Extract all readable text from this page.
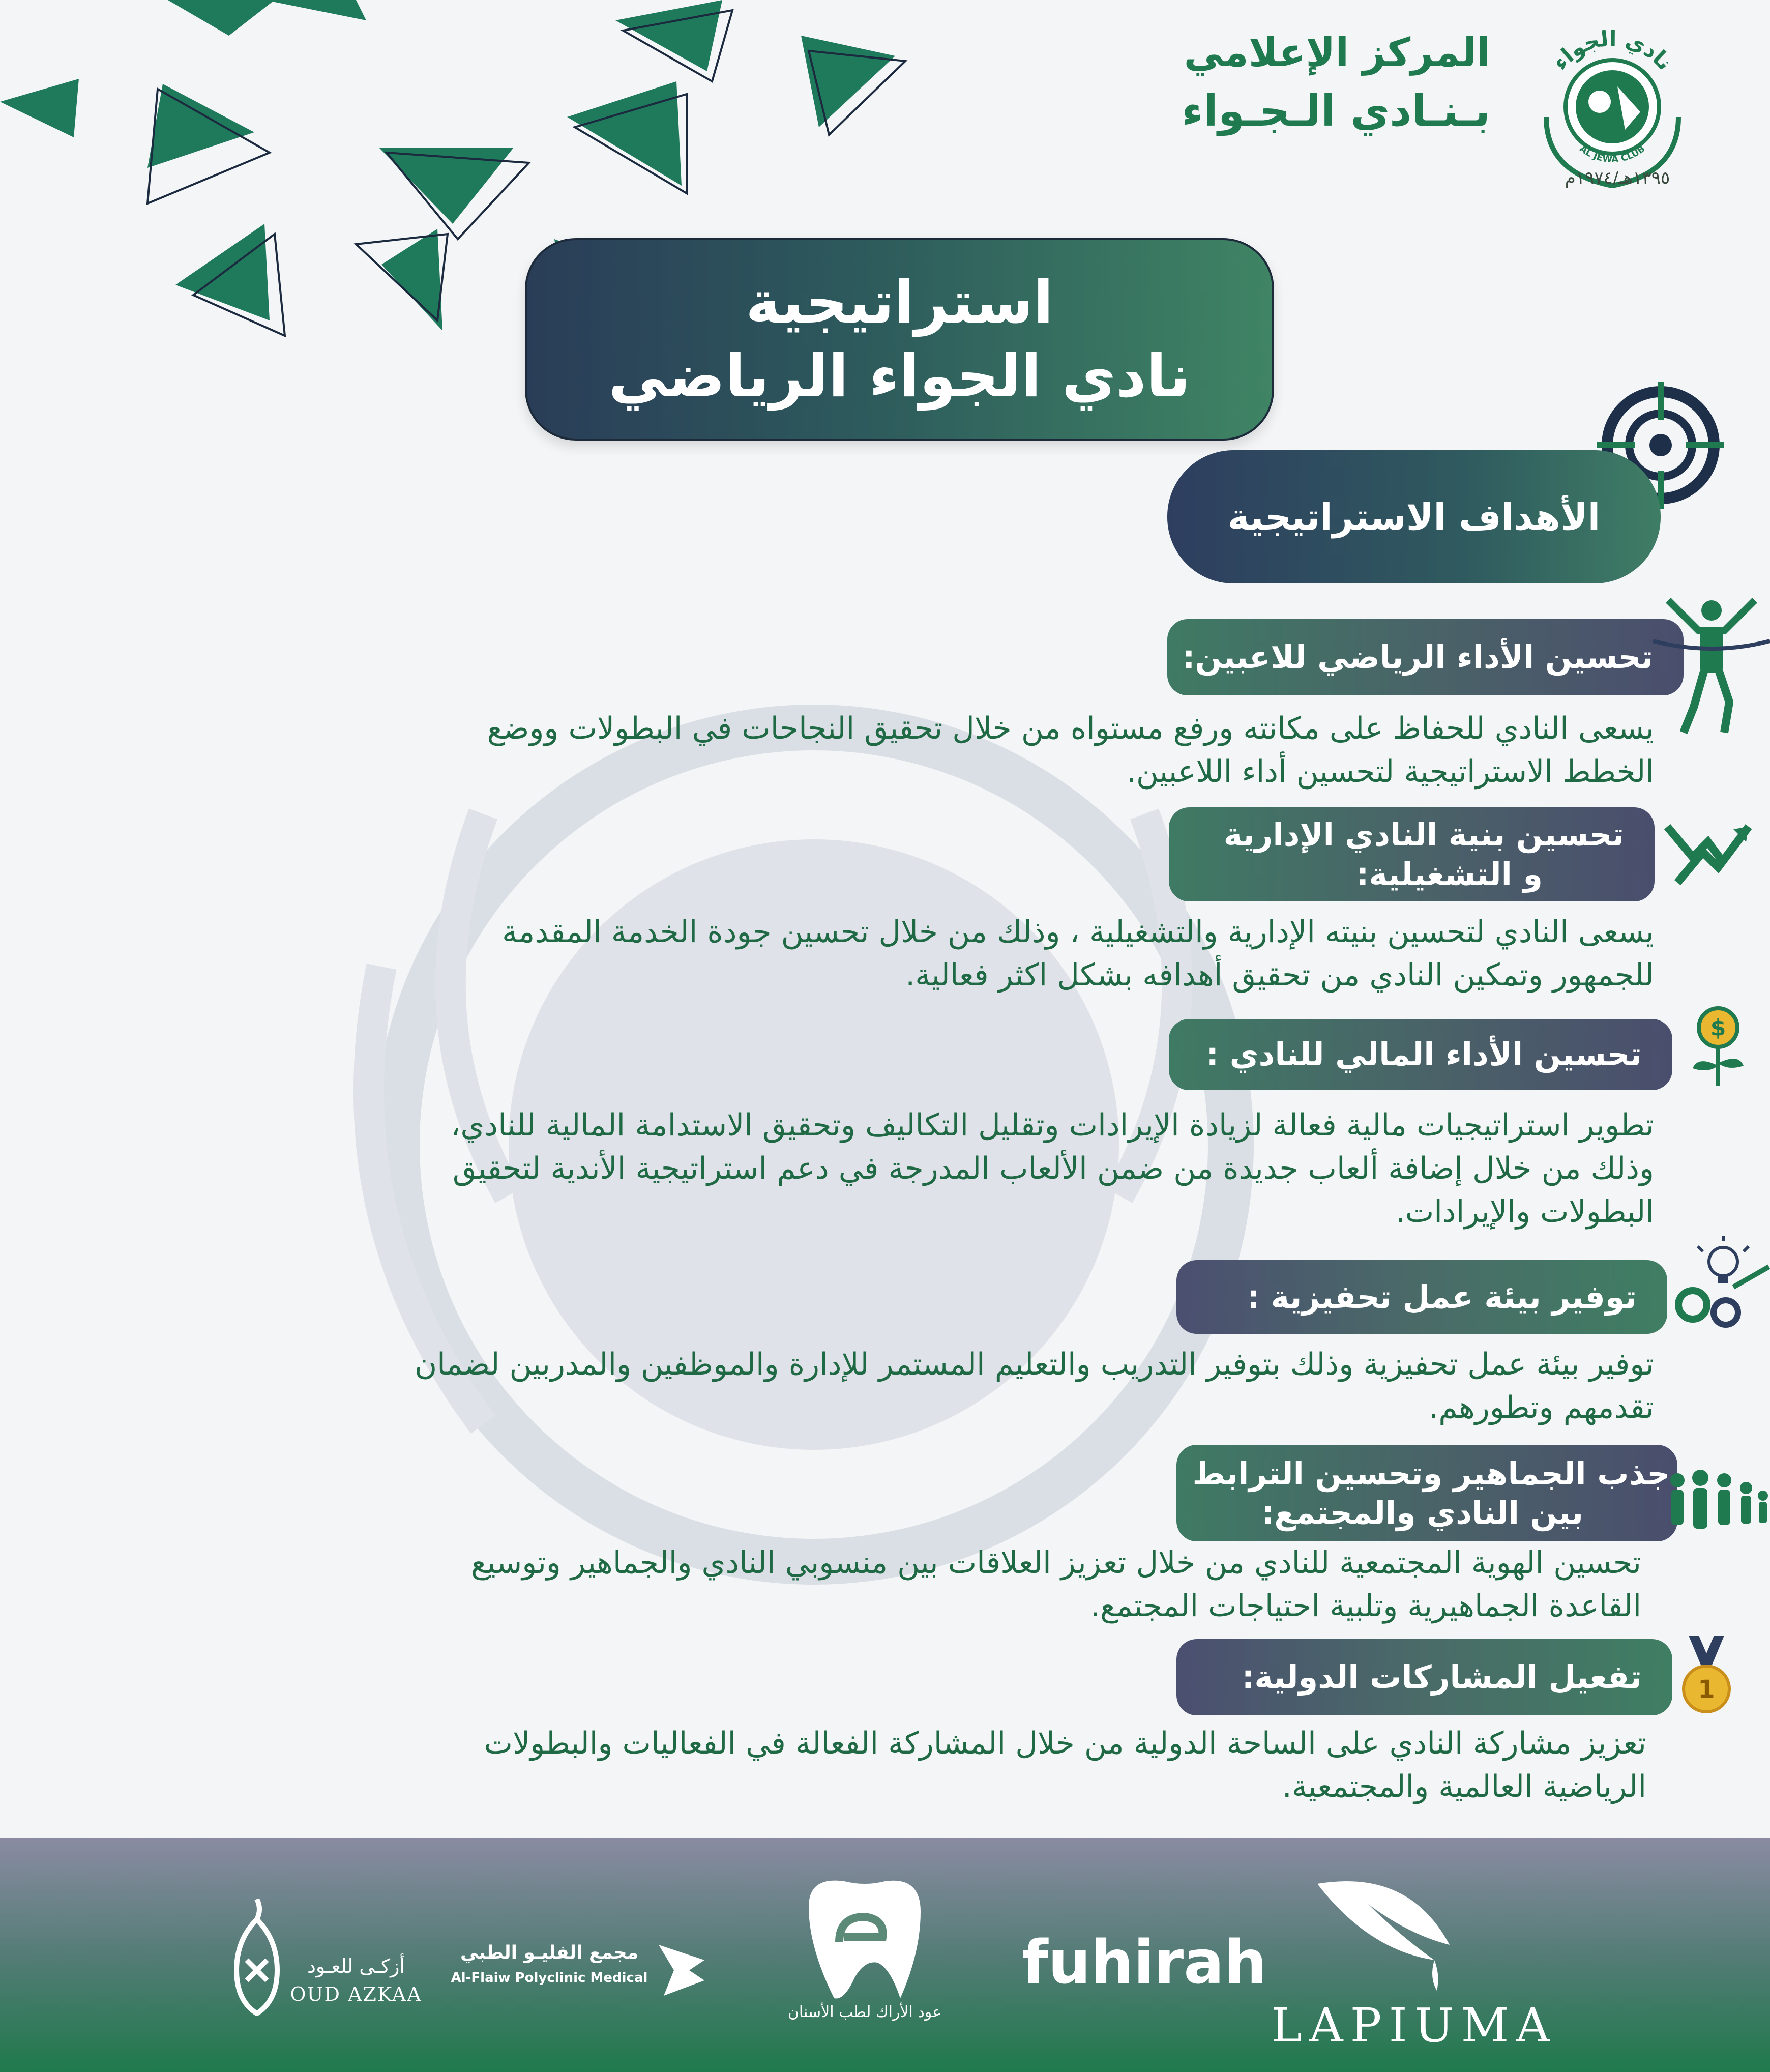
المركز الإعلامي
بـنـادي الـجـواء
نادي الجواء
AL JEWA CLUB
١٣٩٥هـ/١٩٧٤م
استراتيجية
نادي الجواء الرياضي
الأهداف الاستراتيجية
تحسين الأداء الرياضي للاعبين:
يسعى النادي للحفاظ على مكانته ورفع مستواه من خلال تحقيق النجاحات في البطولات ووضع
الخطط الاستراتيجية لتحسين أداء اللاعبين.
تحسين بنية النادي الإدارية
و التشغيلية:
يسعى النادي لتحسين بنيته الإدارية والتشغيلية ، وذلك من خلال تحسين جودة الخدمة المقدمة
للجمهور وتمكين النادي من تحقيق أهدافه بشكل اكثر فعالية.
تحسين الأداء المالي للنادي :
$
تطوير استراتيجيات مالية فعالة لزيادة الإيرادات وتقليل التكاليف وتحقيق الاستدامة المالية للنادي،
وذلك من خلال إضافة ألعاب جديدة من ضمن الألعاب المدرجة في دعم استراتيجية الأندية لتحقيق
البطولات والإيرادات.
توفير بيئة عمل تحفيزية :
توفير بيئة عمل تحفيزية وذلك بتوفير التدريب والتعليم المستمر للإدارة والموظفين والمدربين لضمان
تقدمهم وتطورهم.
جذب الجماهير وتحسين الترابط
بين النادي والمجتمع:
تحسين الهوية المجتمعية للنادي من خلال تعزيز العلاقات بين منسوبي النادي والجماهير وتوسيع
القاعدة الجماهيرية وتلبية احتياجات المجتمع.
تفعيل المشاركات الدولية:	1
تعزيز مشاركة النادي على الساحة الدولية من خلال المشاركة الفعالة في الفعاليات والبطولات
الرياضية العالمية والمجتمعية.
LAPIUMA
fuhirah
عود الأراك لطب الأسنان
مجمع الفليـو الطبي
Al-Flaiw Polyclinic Medical
أزكـى للعـود
OUD AZKAA
